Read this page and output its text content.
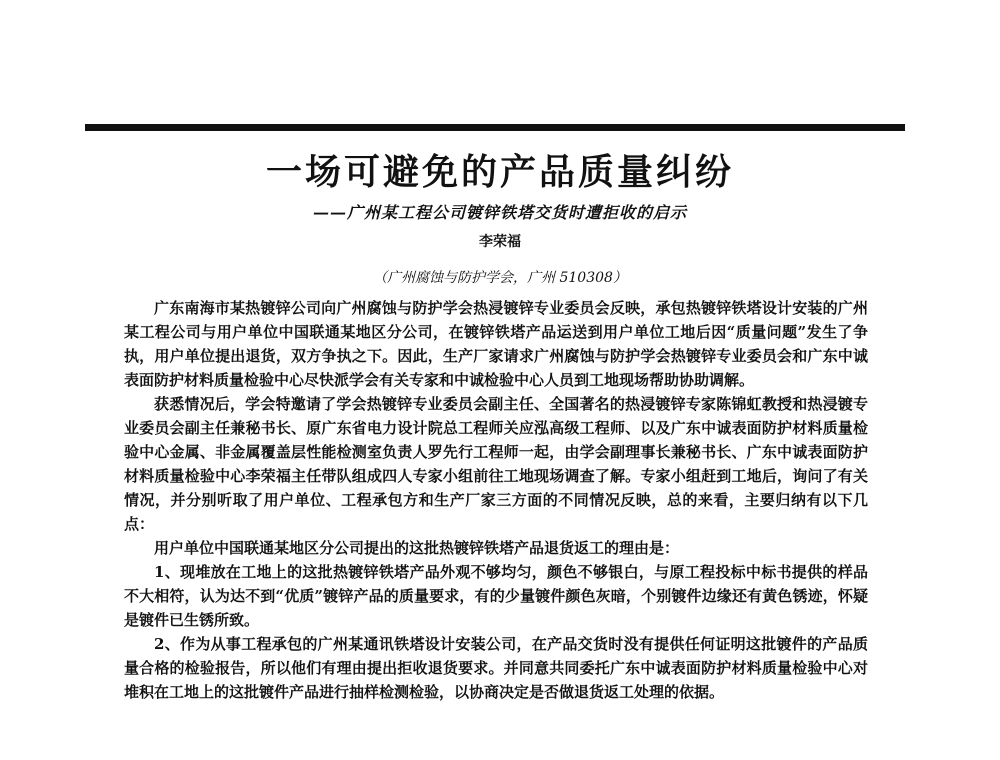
一场可避免的产品质量纠纷
——广州某工程公司镀锌铁塔交货时遭拒收的启示
李荣福
（广州腐蚀与防护学会，广州 510308）

广东南海市某热镀锌公司向广州腐蚀与防护学会热浸镀锌专业委员会反映，承包热镀锌铁塔设计安装的广州某工程公司与用户单位中国联通某地区分公司，在镀锌铁塔产品运送到用户单位工地后因“质量问题”发生了争执，用户单位提出退货，双方争执之下。因此，生产厂家请求广州腐蚀与防护学会热镀锌专业委员会和广东中诚表面防护材料质量检验中心尽快派学会有关专家和中诚检验中心人员到工地现场帮助协助调解。

获悉情况后，学会特邀请了学会热镀锌专业委员会副主任、全国著名的热浸镀锌专家陈锦虹教授和热浸镀专业委员会副主任兼秘书长、原广东省电力设计院总工程师关应泓高级工程师、以及广东中诚表面防护材料质量检验中心金属、非金属覆盖层性能检测室负责人罗先行工程师一起，由学会副理事长兼秘书长、广东中诚表面防护材料质量检验中心李荣福主任带队组成四人专家小组前往工地现场调查了解。专家小组赶到工地后，询问了有关情况，并分别听取了用户单位、工程承包方和生产厂家三方面的不同情况反映，总的来看，主要归纳有以下几点：

用户单位中国联通某地区分公司提出的这批热镀锌铁塔产品退货返工的理由是：

1、现堆放在工地上的这批热镀锌铁塔产品外观不够均匀，颜色不够银白，与原工程投标中标书提供的样品不大相符，认为达不到“优质”镀锌产品的质量要求，有的少量镀件颜色灰暗，个别镀件边缘还有黄色锈迹，怀疑是镀件已生锈所致。

2、作为从事工程承包的广州某通讯铁塔设计安装公司，在产品交货时没有提供任何证明这批镀件的产品质量合格的检验报告，所以他们有理由提出拒收退货要求。并同意共同委托广东中诚表面防护材料质量检验中心对堆积在工地上的这批镀件产品进行抽样检测检验，以协商决定是否做退货返工处理的依据。
